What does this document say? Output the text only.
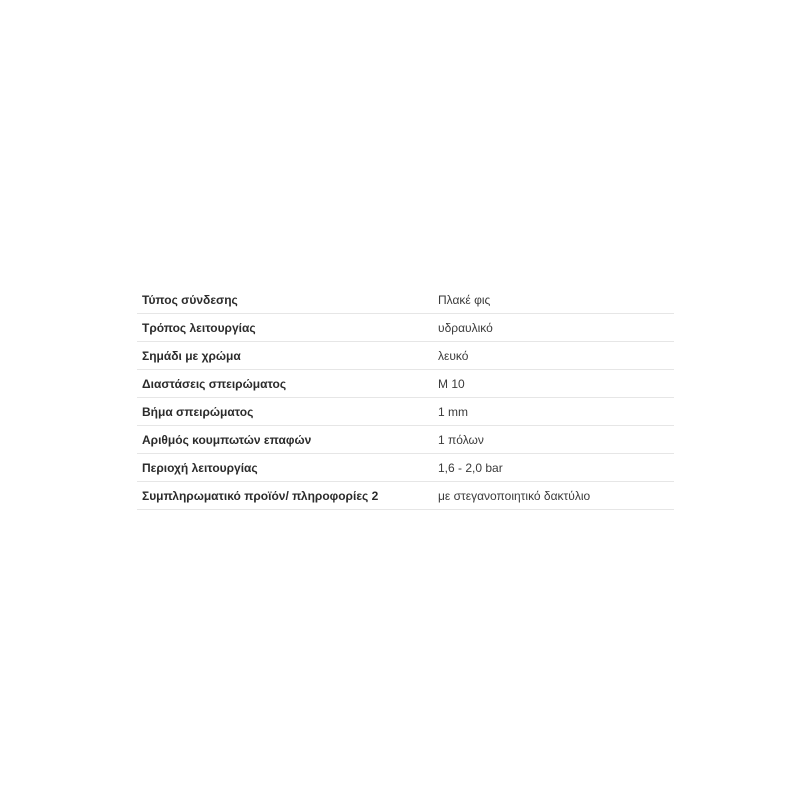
Τύπος σύνδεσης	Πλακέ φις
Τρόπος λειτουργίας	υδραυλικό
Σημάδι με χρώμα	λευκό
Διαστάσεις σπειρώματος	M 10
Βήμα σπειρώματος	1 mm
Αριθμός κουμπωτών επαφών	1 πόλων
Περιοχή λειτουργίας	1,6 - 2,0 bar
Συμπληρωματικό προϊόν/ πληροφορίες 2	με στεγανοποιητικό δακτύλιο
